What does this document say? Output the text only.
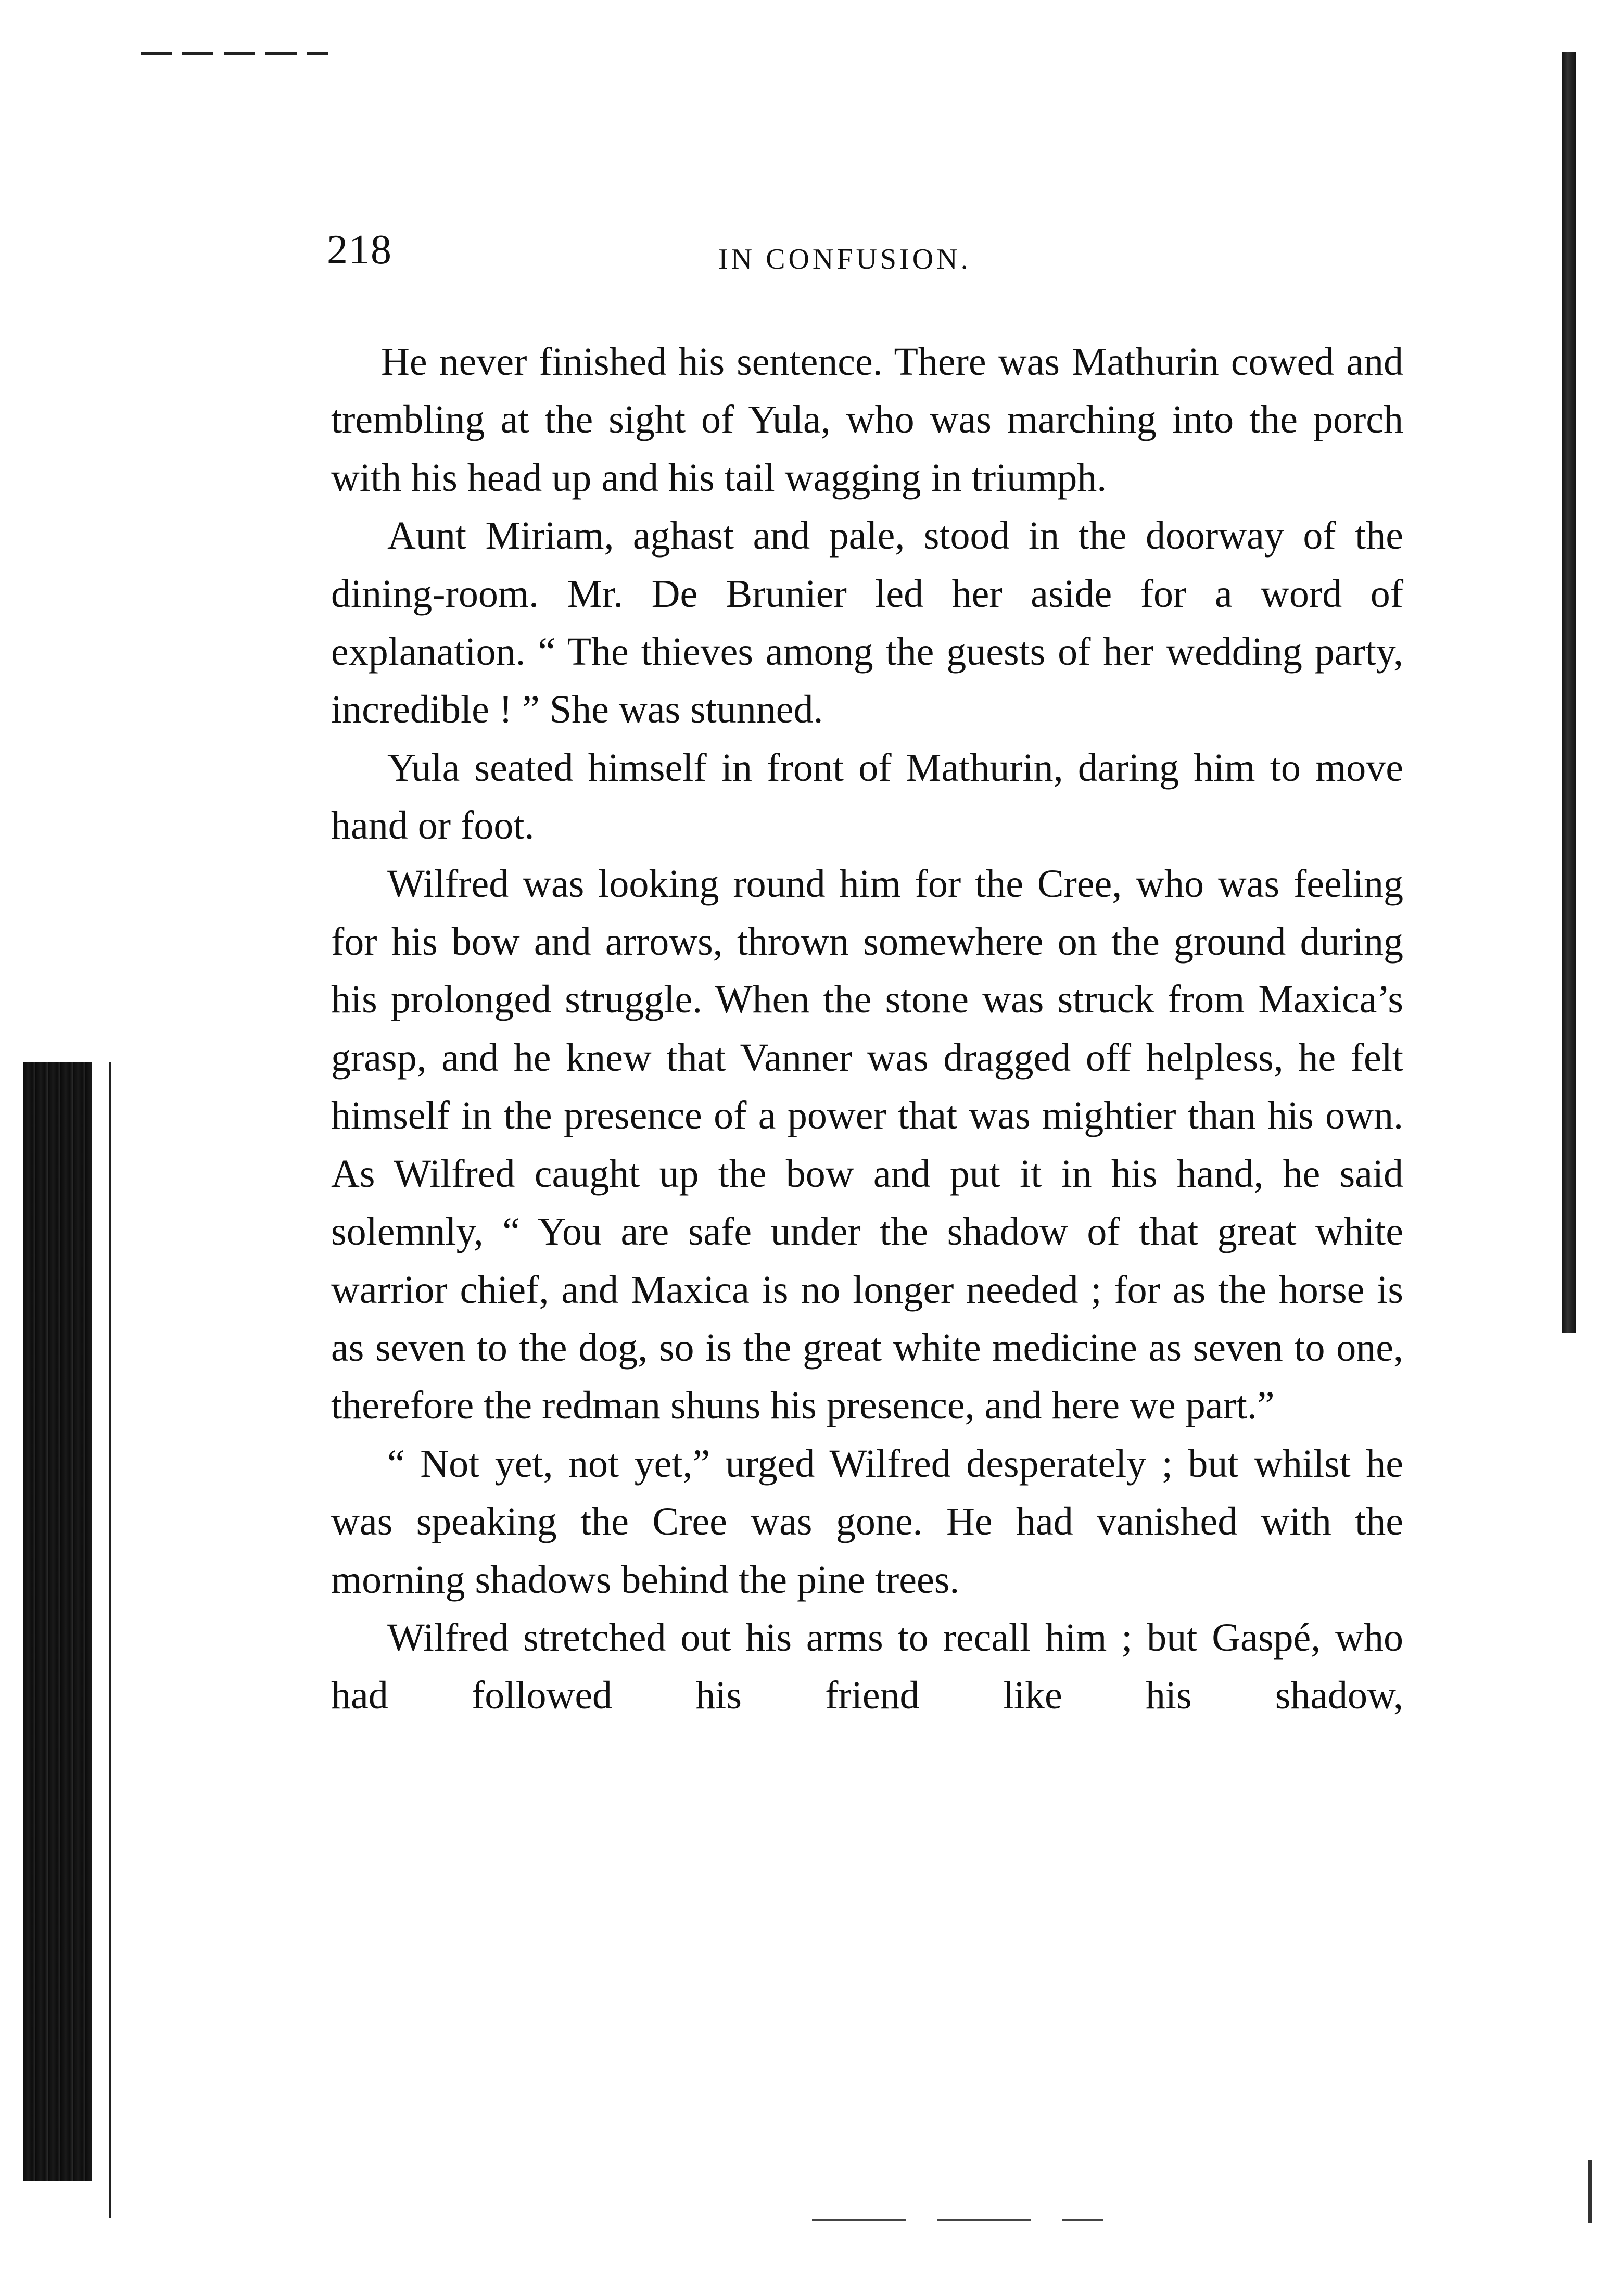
218	IN CONFUSION.

He never finished his sentence. There was Mathurin cowed and trembling at the sight of Yula, who was marching into the porch with his head up and his tail wagging in triumph.

Aunt Miriam, aghast and pale, stood in the doorway of the dining-room. Mr. De Brunier led her aside for a word of explanation. “ The thieves among the guests of her wedding party, incredible ! ” She was stunned.

Yula seated himself in front of Mathurin, daring him to move hand or foot.

Wilfred was looking round him for the Cree, who was feeling for his bow and arrows, thrown somewhere on the ground during his prolonged struggle. When the stone was struck from Maxica’s grasp, and he knew that Vanner was dragged off helpless, he felt himself in the presence of a power that was mightier than his own. As Wilfred caught up the bow and put it in his hand, he said solemnly, “ You are safe under the shadow of that great white warrior chief, and Maxica is no longer needed ; for as the horse is as seven to the dog, so is the great white medicine as seven to one, therefore the redman shuns his presence, and here we part.”

“ Not yet, not yet,” urged Wilfred desperately ; but whilst he was speaking the Cree was gone. He had vanished with the morning shadows behind the pine trees.

Wilfred stretched out his arms to recall him ; but Gaspé, who had followed his friend like his shadow,
